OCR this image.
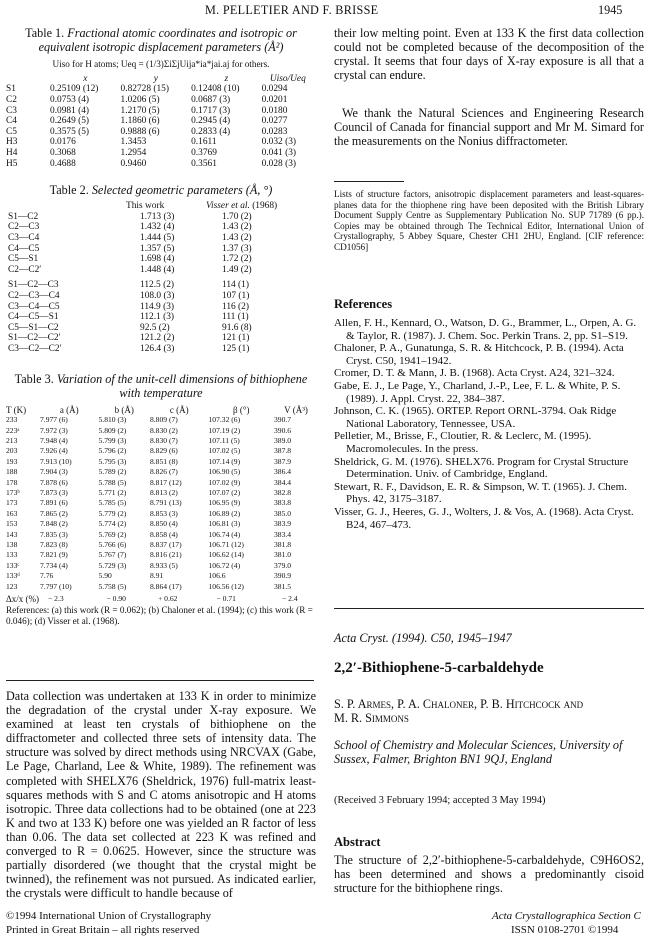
M. PELLETIER AND F. BRISSE	1945
Table 1. Fractional atomic coordinates and isotropic or equivalent isotropic displacement parameters (Å²)
Uiso for H atoms; Ueq = (1/3)ΣiΣjUija*ia*jai.aj for others.
	x	y	z	Uiso/Ueq
S1	0.25109 (12)	0.82728 (15)	0.12408 (10)	0.0294
C2	0.0753 (4)	1.0206 (5)	0.0687 (3)	0.0201
C3	0.0981 (4)	1.2170 (5)	0.1717 (3)	0.0180
C4	0.2649 (5)	1.1860 (6)	0.2945 (4)	0.0277
C5	0.3575 (5)	0.9888 (6)	0.2833 (4)	0.0283
H3	0.0176	1.3453	0.1611	0.032 (3)
H4	0.3068	1.2954	0.3769	0.041 (3)
H5	0.4688	0.9460	0.3561	0.028 (3)
Table 2. Selected geometric parameters (Å, °)
	This work	Visser et al. (1968)
S1—C2	1.713 (3)	1.70 (2)
C2—C3	1.432 (4)	1.43 (2)
C3—C4	1.444 (5)	1.43 (2)
C4—C5	1.357 (5)	1.37 (3)
C5—S1	1.698 (4)	1.72 (2)
C2—C2′	1.448 (4)	1.49 (2)

S1—C2—C3	112.5 (2)	114 (1)
C2—C3—C4	108.0 (3)	107 (1)
C3—C4—C5	114.9 (3)	116 (2)
C4—C5—S1	112.1 (3)	111 (1)
C5—S1—C2	92.5 (2)	91.6 (8)
S1—C2—C2′	121.2 (2)	121 (1)
C3—C2—C2′	126.4 (3)	125 (1)
Table 3. Variation of the unit-cell dimensions of bithiophene with temperature
T (K)	a (Å)	b (Å)	c (Å)	β (°)	V (Å³)
233	7.977 (6)	5.810 (3)	8.809 (7)	107.32 (6)	390.7
223ᵃ	7.972 (3)	5.809 (2)	8.830 (2)	107.19 (2)	390.6
213	7.948 (4)	5.799 (3)	8.830 (7)	107.11 (5)	389.0
203	7.926 (4)	5.796 (2)	8.829 (6)	107.02 (5)	387.8
193	7.913 (10)	5.795 (3)	8.851 (8)	107.14 (9)	387.9
188	7.904 (3)	5.789 (2)	8.826 (7)	106.90 (5)	386.4
178	7.878 (6)	5.788 (5)	8.817 (12)	107.02 (9)	384.4
173ᵇ	7.873 (3)	5.771 (2)	8.813 (2)	107.07 (2)	382.8
173	7.891 (6)	5.785 (5)	8.791 (13)	106.95 (9)	383.8
163	7.865 (2)	5.779 (2)	8.853 (3)	106.89 (2)	385.0
153	7.848 (2)	5.774 (2)	8.850 (4)	106.81 (3)	383.9
143	7.835 (3)	5.769 (2)	8.858 (4)	106.74 (4)	383.4
138	7.823 (8)	5.766 (6)	8.837 (17)	106.71 (12)	381.8
133	7.821 (9)	5.767 (7)	8.816 (21)	106.62 (14)	381.0
133ᶜ	7.734 (4)	5.729 (3)	8.933 (5)	106.72 (4)	379.0
133ᵈ	7.76	5.90	8.91	106.6	390.9
123	7.797 (10)	5.758 (5)	8.864 (17)	106.56 (12)	381.5
Δx/x (%)	− 2.3	− 0.90	+ 0.62	− 0.71	− 2.4
References: (a) this work (R = 0.062); (b) Chaloner et al. (1994); (c) this work (R = 0.046); (d) Visser et al. (1968).
Data collection was undertaken at 133 K in order to minimize the degradation of the crystal under X-ray exposure. We examined at least ten crystals of bithiophene on the diffractometer and collected three sets of intensity data. The structure was solved by direct methods using NRCVAX (Gabe, Le Page, Charland, Lee & White, 1989). The refinement was completed with SHELX76 (Sheldrick, 1976) full-matrix least-squares methods with S and C atoms anisotropic and H atoms isotropic. Three data collections had to be obtained (one at 223 K and two at 133 K) before one was yielded an R factor of less than 0.06. The data set collected at 223 K was refined and converged to R = 0.0625. However, since the structure was partially disordered (we thought that the crystal might be twinned), the refinement was not pursued. As indicated earlier, the crystals were difficult to handle because of
©1994 International Union of Crystallography
Printed in Great Britain – all rights reserved
Acta Crystallographica Section C
ISSN 0108-2701 ©1994
their low melting point. Even at 133 K the first data collection could not be completed because of the decomposition of the crystal. It seems that four days of X-ray exposure is all that a crystal can endure.
We thank the Natural Sciences and Engineering Research Council of Canada for financial support and Mr M. Simard for the measurements on the Nonius diffractometer.
Lists of structure factors, anisotropic displacement parameters and least-squares-planes data for the thiophene ring have been deposited with the British Library Document Supply Centre as Supplementary Publication No. SUP 71789 (6 pp.). Copies may be obtained through The Technical Editor, International Union of Crystallography, 5 Abbey Square, Chester CH1 2HU, England. [CIF reference: CD1056]
References
Allen, F. H., Kennard, O., Watson, D. G., Brammer, L., Orpen, A. G. & Taylor, R. (1987). J. Chem. Soc. Perkin Trans. 2, pp. S1–S19.
Chaloner, P. A., Gunatunga, S. R. & Hitchcock, P. B. (1994). Acta Cryst. C50, 1941–1942.
Cromer, D. T. & Mann, J. B. (1968). Acta Cryst. A24, 321–324.
Gabe, E. J., Le Page, Y., Charland, J.-P., Lee, F. L. & White, P. S. (1989). J. Appl. Cryst. 22, 384–387.
Johnson, C. K. (1965). ORTEP. Report ORNL-3794. Oak Ridge National Laboratory, Tennessee, USA.
Pelletier, M., Brisse, F., Cloutier, R. & Leclerc, M. (1995). Macromolecules. In the press.
Sheldrick, G. M. (1976). SHELX76. Program for Crystal Structure Determination. Univ. of Cambridge, England.
Stewart, R. F., Davidson, E. R. & Simpson, W. T. (1965). J. Chem. Phys. 42, 3175–3187.
Visser, G. J., Heeres, G. J., Wolters, J. & Vos, A. (1968). Acta Cryst. B24, 467–473.
Acta Cryst. (1994). C50, 1945–1947
2,2′-Bithiophene-5-carbaldehyde
S. P. Armes, P. A. Chaloner, P. B. Hitchcock and
M. R. Simmons
School of Chemistry and Molecular Sciences, University of Sussex, Falmer, Brighton BN1 9QJ, England
(Received 3 February 1994; accepted 3 May 1994)
Abstract
The structure of 2,2′-bithiophene-5-carbaldehyde, C9H6OS2, has been determined and shows a predominantly cisoid structure for the bithiophene rings.
